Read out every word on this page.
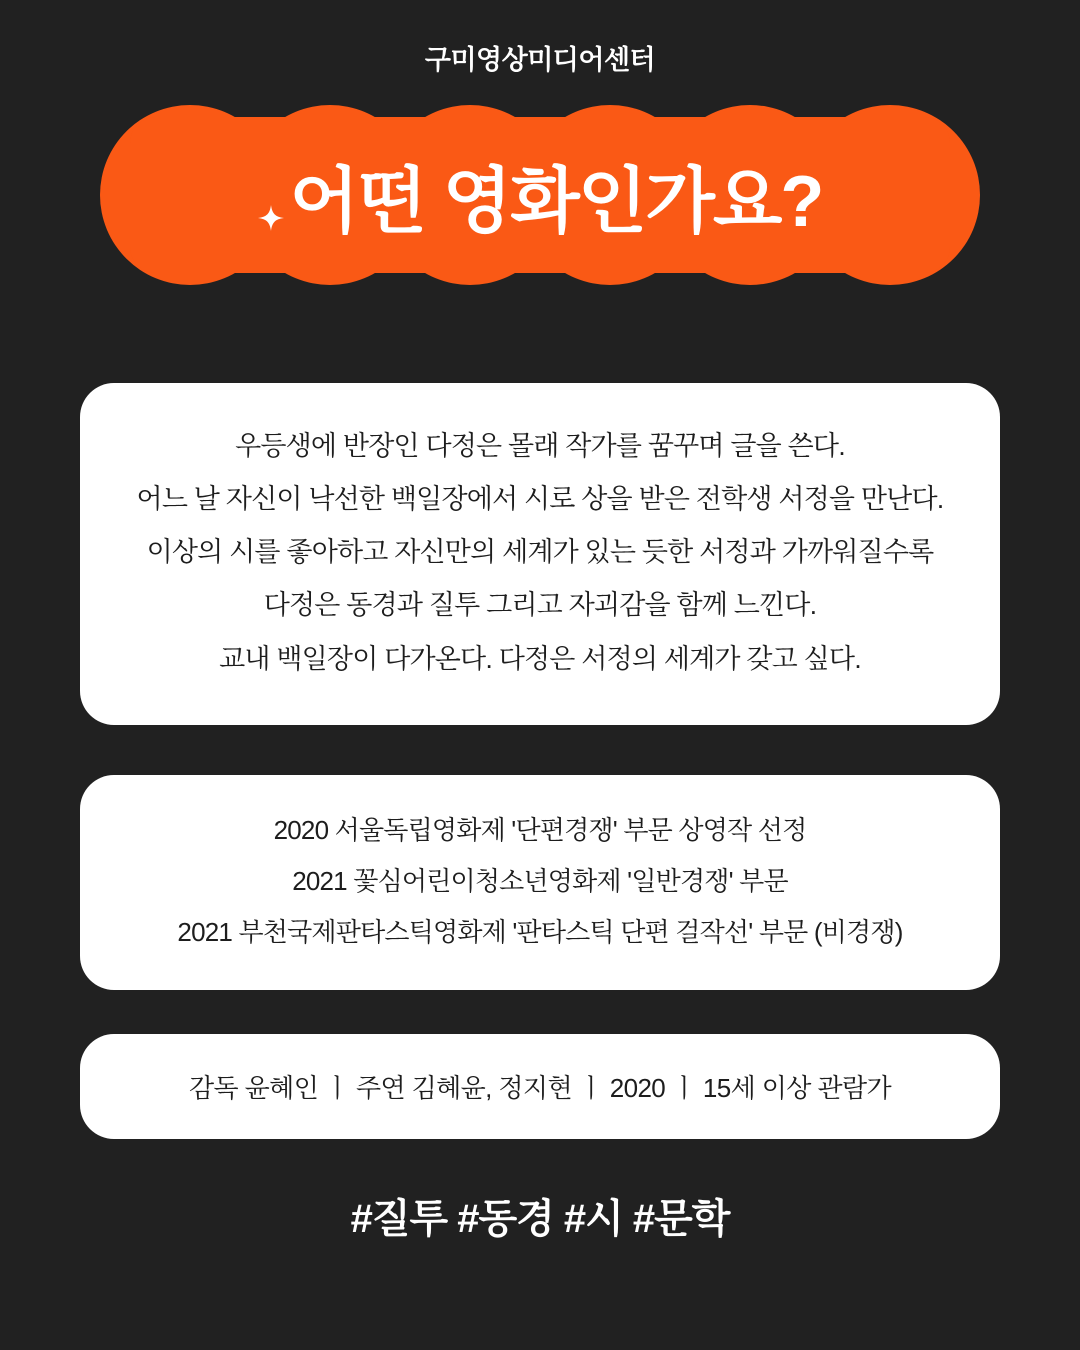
구미영상미디어센터
어떤 영화인가요?

우등생에 반장인 다정은 몰래 작가를 꿈꾸며 글을 쓴다.

어느 날 자신이 낙선한 백일장에서 시로 상을 받은 전학생 서정을 만난다.

이상의 시를 좋아하고 자신만의 세계가 있는 듯한 서정과 가까워질수록

다정은 동경과 질투 그리고 자괴감을 함께 느낀다.

교내 백일장이 다가온다. 다정은 서정의 세계가 갖고 싶다.

2020 서울독립영화제 '단편경쟁' 부문 상영작 선정

2021 꽃심어린이청소년영화제 '일반경쟁' 부문

2021 부천국제판타스틱영화제 '판타스틱 단편 걸작선' 부문 (비경쟁)

감독 윤혜인 ㅣ 주연 김혜윤, 정지현 ㅣ 2020 ㅣ 15세 이상 관람가

#질투 #동경 #시 #문학
